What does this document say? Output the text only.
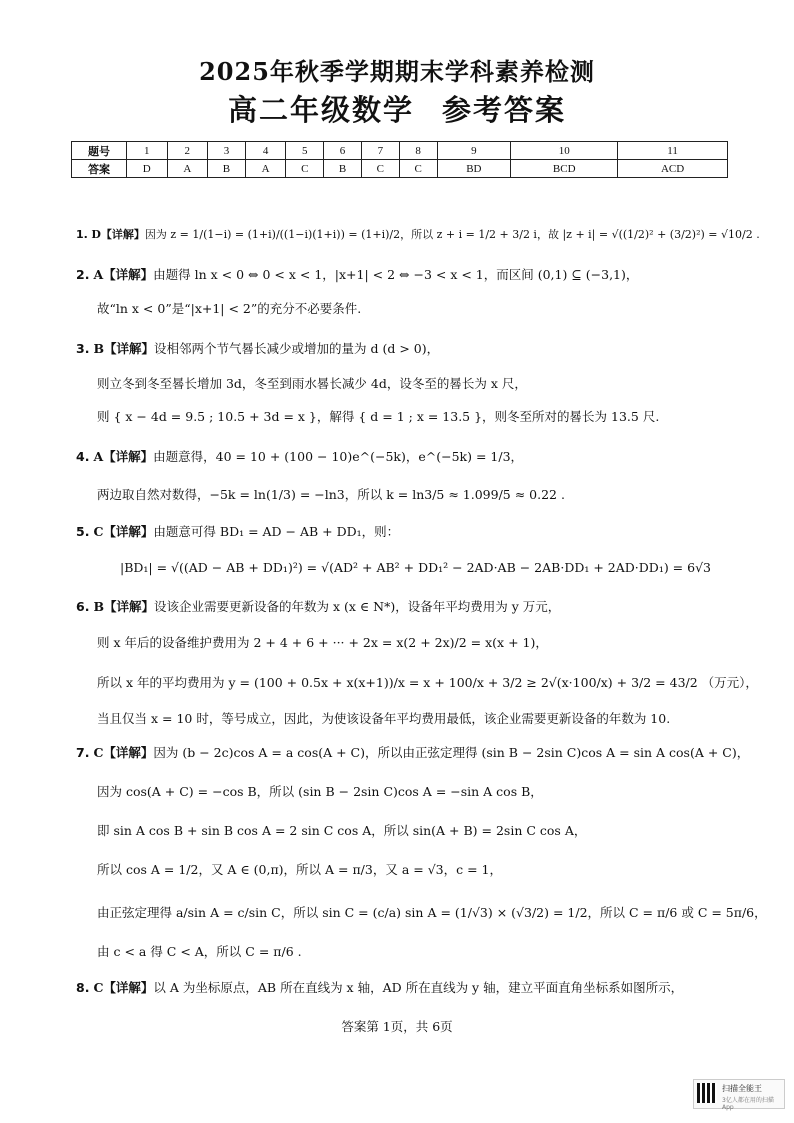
2025年秋季学期期末学科素养检测
高二年级数学 参考答案
题号	1	2	3	4	5	6	7	8	9	10	11
答案	D	A	B	A	C	B	C	C	BD	BCD	ACD
1. D【详解】因为 z = 1/(1−i) = (1+i)/((1−i)(1+i)) = (1+i)/2，所以 z + i = 1/2 + 3/2 i，故 |z + i| = √((1/2)² + (3/2)²) = √10/2 .
2. A【详解】由题得 ln x < 0 ⇔ 0 < x < 1，|x+1| < 2 ⇔ −3 < x < 1，而区间 (0,1) ⊆ (−3,1)，
故“ln x < 0”是“|x+1| < 2”的充分不必要条件.
3. B【详解】设相邻两个节气晷长减少或增加的量为 d (d > 0)，
则立冬到冬至晷长增加 3d，冬至到雨水晷长减少 4d，设冬至的晷长为 x 尺，
则 { x − 4d = 9.5 ; 10.5 + 3d = x }，解得 { d = 1 ; x = 13.5 }，则冬至所对的晷长为 13.5 尺.
4. A【详解】由题意得，40 = 10 + (100 − 10)e^(−5k)，e^(−5k) = 1/3，
两边取自然对数得，−5k = ln(1/3) = −ln3，所以 k = ln3/5 ≈ 1.099/5 ≈ 0.22 .
5. C【详解】由题意可得 BD₁ = AD − AB + DD₁，则：
|BD₁| = √((AD − AB + DD₁)²) = √(AD² + AB² + DD₁² − 2AD·AB − 2AB·DD₁ + 2AD·DD₁) = 6√3
6. B【详解】设该企业需要更新设备的年数为 x (x ∈ N*)，设备年平均费用为 y 万元，
则 x 年后的设备维护费用为 2 + 4 + 6 + ··· + 2x = x(2 + 2x)/2 = x(x + 1)，
所以 x 年的平均费用为 y = (100 + 0.5x + x(x+1))/x = x + 100/x + 3/2 ≥ 2√(x·100/x) + 3/2 = 43/2 （万元），
当且仅当 x = 10 时，等号成立，因此，为使该设备年平均费用最低，该企业需要更新设备的年数为 10.
7. C【详解】因为 (b − 2c)cos A = a cos(A + C)，所以由正弦定理得 (sin B − 2sin C)cos A = sin A cos(A + C)，
因为 cos(A + C) = −cos B，所以 (sin B − 2sin C)cos A = −sin A cos B，
即 sin A cos B + sin B cos A = 2 sin C cos A，所以 sin(A + B) = 2sin C cos A，
所以 cos A = 1/2，又 A ∈ (0,π)，所以 A = π/3，又 a = √3，c = 1，
由正弦定理得 a/sin A = c/sin C，所以 sin C = (c/a) sin A = (1/√3) × (√3/2) = 1/2，所以 C = π/6 或 C = 5π/6，
由 c < a 得 C < A，所以 C = π/6 .
8. C【详解】以 A 为坐标原点，AB 所在直线为 x 轴，AD 所在直线为 y 轴，建立平面直角坐标系如图所示，
答案第 1页，共 6页
扫描全能王
3亿人都在用的扫描App
